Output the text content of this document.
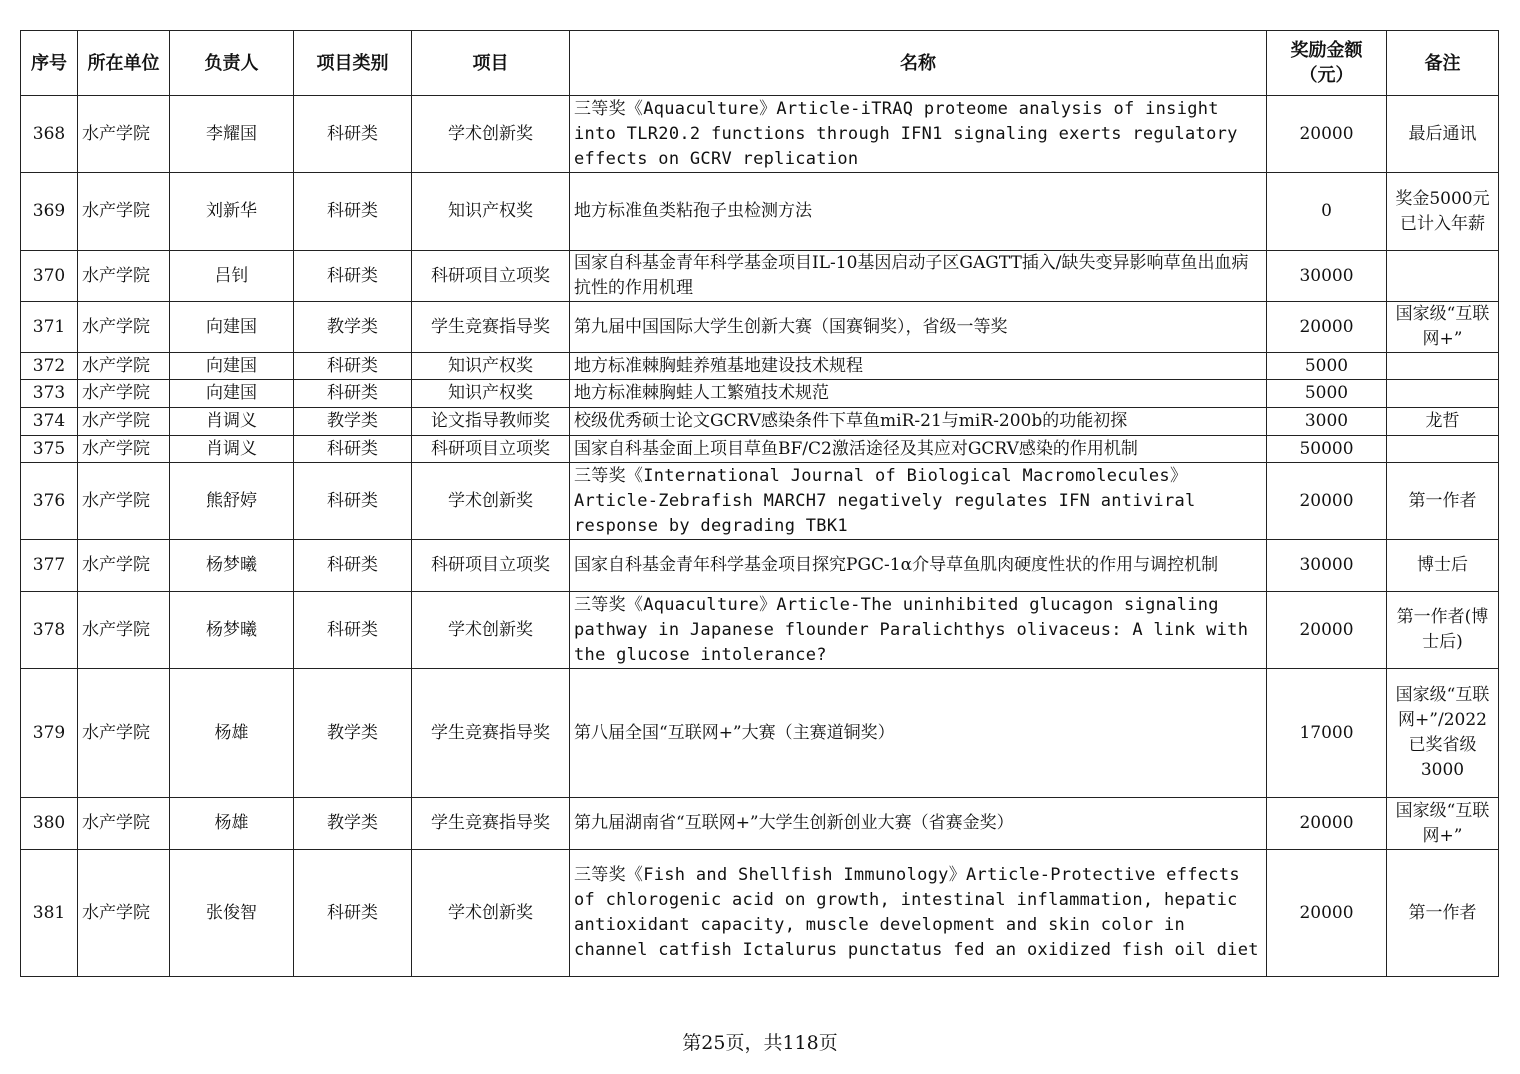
序号	所在单位	负责人	项目类别	项目	名称	奖励金额（元）	备注
368	水产学院	李耀国	科研类	学术创新奖	三等奖《Aquaculture》Article-iTRAQ proteome analysis of insight into TLR20.2 functions through IFN1 signaling exerts regulatory effects on GCRV replication	20000	最后通讯
369	水产学院	刘新华	科研类	知识产权奖	地方标准鱼类粘孢子虫检测方法	0	奖金5000元已计入年薪
370	水产学院	吕钊	科研类	科研项目立项奖	国家自科基金青年科学基金项目IL-10基因启动子区GAGTT插入/缺失变异影响草鱼出血病抗性的作用机理	30000	
371	水产学院	向建国	教学类	学生竞赛指导奖	第九届中国国际大学生创新大赛（国赛铜奖），省级一等奖	20000	国家级“互联网+”
372	水产学院	向建国	科研类	知识产权奖	地方标准棘胸蛙养殖基地建设技术规程	5000	
373	水产学院	向建国	科研类	知识产权奖	地方标准棘胸蛙人工繁殖技术规范	5000	
374	水产学院	肖调义	教学类	论文指导教师奖	校级优秀硕士论文GCRV感染条件下草鱼miR-21与miR-200b的功能初探	3000	龙哲
375	水产学院	肖调义	科研类	科研项目立项奖	国家自科基金面上项目草鱼BF/C2激活途径及其应对GCRV感染的作用机制	50000	
376	水产学院	熊舒婷	科研类	学术创新奖	三等奖《International Journal of Biological Macromolecules》Article-Zebrafish MARCH7 negatively regulates IFN antiviral response by degrading TBK1	20000	第一作者
377	水产学院	杨梦曦	科研类	科研项目立项奖	国家自科基金青年科学基金项目探究PGC-1α介导草鱼肌肉硬度性状的作用与调控机制	30000	博士后
378	水产学院	杨梦曦	科研类	学术创新奖	三等奖《Aquaculture》Article-The uninhibited glucagon signaling pathway in Japanese flounder Paralichthys olivaceus: A link with the glucose intolerance?	20000	第一作者(博士后)
379	水产学院	杨雄	教学类	学生竞赛指导奖	第八届全国“互联网+”大赛（主赛道铜奖）	17000	国家级“互联网+”/2022已奖省级3000
380	水产学院	杨雄	教学类	学生竞赛指导奖	第九届湖南省“互联网+”大学生创新创业大赛（省赛金奖）	20000	国家级“互联网+”
381	水产学院	张俊智	科研类	学术创新奖	三等奖《Fish and Shellfish Immunology》Article-Protective effects of chlorogenic acid on growth, intestinal inflammation, hepatic antioxidant capacity, muscle development and skin color in channel catfish Ictalurus punctatus fed an oxidized fish oil diet	20000	第一作者
第25页，共118页
